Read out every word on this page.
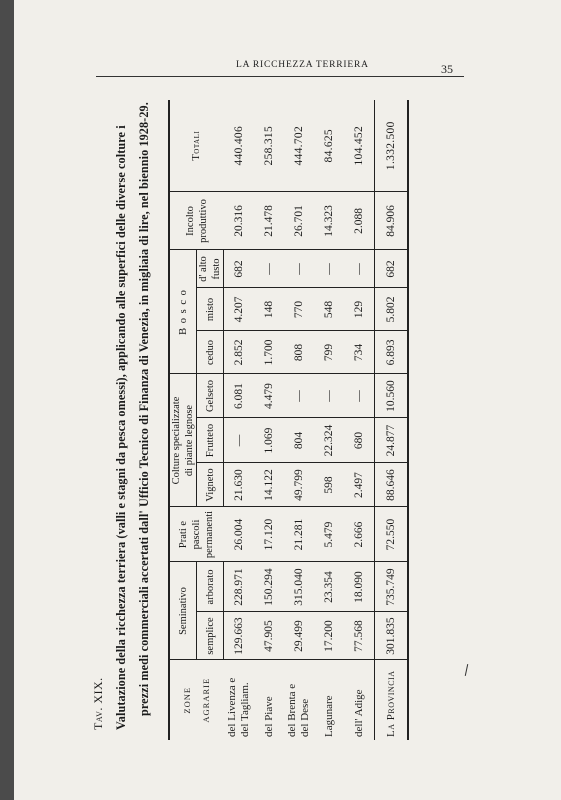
LA RICCHEZZA TERRIERA	35
Tav. XIX. Valutazione della ricchezza terriera (valli e stagni da pesca omessi), applicando alle superfici delle diverse colture i prezzi medi commerciali accertati dall' Ufficio Tecnico di Finanza di Venezia, in migliaia di lire, nel biennio 1928-29.	ZONE AGRARIE	Seminativo		Prati e pascoli permanenti	Colture specializzate di piante legnose			B o s c o			Incolto produttivo	Totali
	semplice	arborato		Vigneto	Frutteto	Gelseto	ceduo	misto	d' alto fusto		
del Livenza e
del Tagliam.	129.663	228.971	26.004	21.630	—	6.081	2.852	4.207	682	20.316	440.406
del Piave	47.905	150.294	17.120	14.122	1.069	4.479	1.700	148	—	21.478	258.315
del Brenta e
del Dese	29.499	315.040	21.281	49.799	804	—	808	770	—	26.701	444.702
Lagunare	17.200	23.354	5.479	598	22.324	—	799	548	—	14.323	84.625
dell' Adige	77.568	18.090	2.666	2.497	680	—	734	129	—	2.088	104.452
La Provincia	301.835	735.749	72.550	88.646	24.877	10.560	6.893	5.802	682	84.906	1.332.500
